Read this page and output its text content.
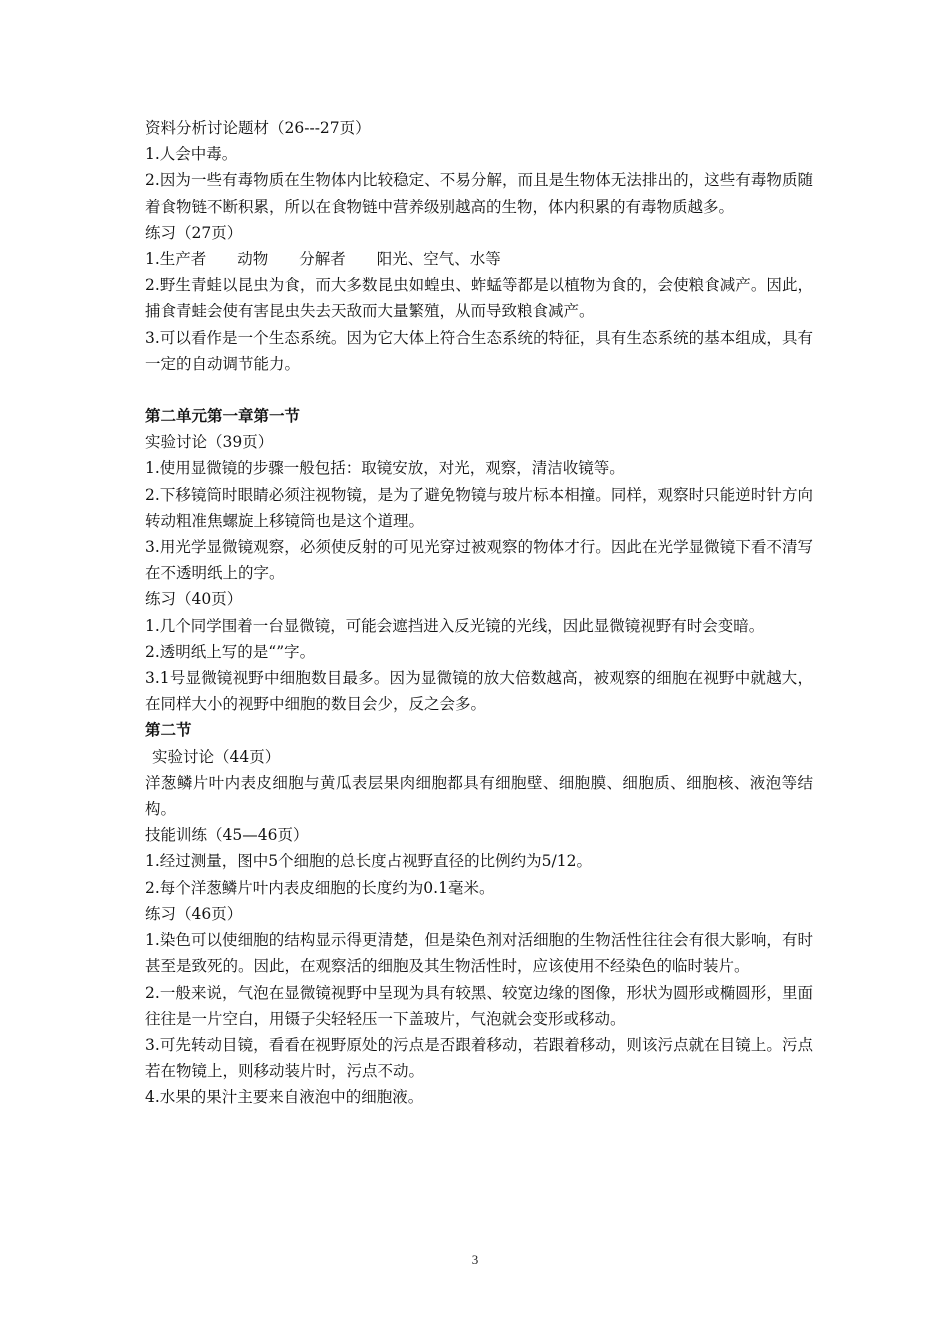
资料分析讨论题材（26---27页）
1.人会中毒。
2.因为一些有毒物质在生物体内比较稳定、不易分解，而且是生物体无法排出的，这些有毒物质随着食物链不断积累，所以在食物链中营养级别越高的生物，体内积累的有毒物质越多。
练习（27页）
1.生产者　　动物　　分解者　　阳光、空气、水等
2.野生青蛙以昆虫为食，而大多数昆虫如蝗虫、蚱蜢等都是以植物为食的，会使粮食减产。因此，捕食青蛙会使有害昆虫失去天敌而大量繁殖，从而导致粮食减产。
3.可以看作是一个生态系统。因为它大体上符合生态系统的特征，具有生态系统的基本组成，具有一定的自动调节能力。
第二单元第一章第一节
实验讨论（39页）
1.使用显微镜的步骤一般包括：取镜安放，对光，观察，清洁收镜等。
2.下移镜筒时眼睛必须注视物镜，是为了避免物镜与玻片标本相撞。同样，观察时只能逆时针方向转动粗准焦螺旋上移镜筒也是这个道理。
3.用光学显微镜观察，必须使反射的可见光穿过被观察的物体才行。因此在光学显微镜下看不清写在不透明纸上的字。
练习（40页）
1.几个同学围着一台显微镜，可能会遮挡进入反光镜的光线，因此显微镜视野有时会变暗。
2.透明纸上写的是“”字。
3.1号显微镜视野中细胞数目最多。因为显微镜的放大倍数越高，被观察的细胞在视野中就越大，在同样大小的视野中细胞的数目会少，反之会多。
第二节
实验讨论（44页）
洋葱鳞片叶内表皮细胞与黄瓜表层果肉细胞都具有细胞壁、细胞膜、细胞质、细胞核、液泡等结构。
技能训练（45—46页）
1.经过测量，图中5个细胞的总长度占视野直径的比例约为5/12。
2.每个洋葱鳞片叶内表皮细胞的长度约为0.1毫米。
练习（46页）
1.染色可以使细胞的结构显示得更清楚，但是染色剂对活细胞的生物活性往往会有很大影响，有时甚至是致死的。因此，在观察活的细胞及其生物活性时，应该使用不经染色的临时装片。
2.一般来说，气泡在显微镜视野中呈现为具有较黑、较宽边缘的图像，形状为圆形或椭圆形，里面往往是一片空白，用镊子尖轻轻压一下盖玻片，气泡就会变形或移动。
3.可先转动目镜，看看在视野原处的污点是否跟着移动，若跟着移动，则该污点就在目镜上。污点若在物镜上，则移动装片时，污点不动。
4.水果的果汁主要来自液泡中的细胞液。
3
